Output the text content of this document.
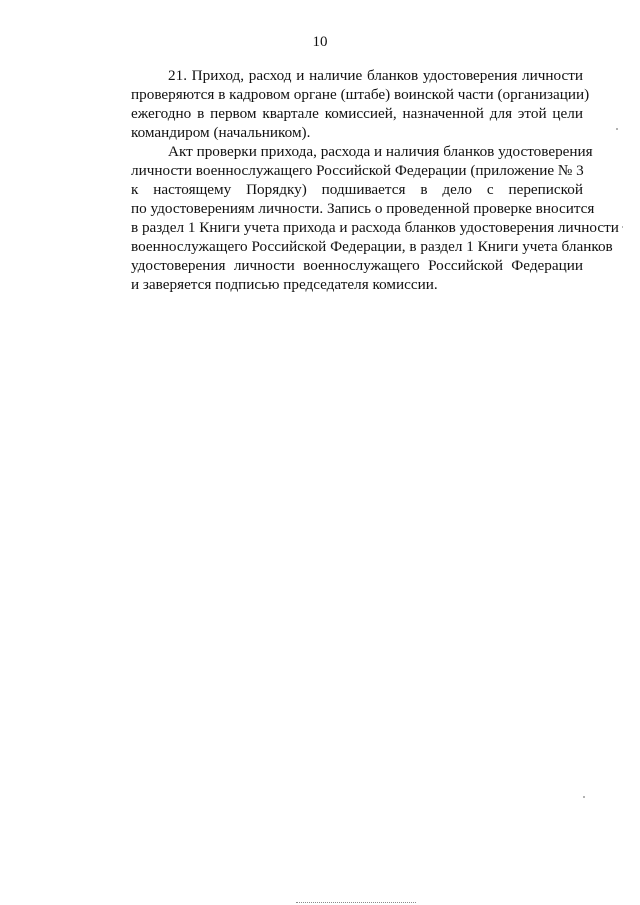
10

21. Приход, расход и наличие бланков удостоверения личности
проверяются в кадровом органе (штабе) воинской части (организации)
ежегодно в первом квартале комиссией, назначенной для этой цели
командиром (начальником).

Акт проверки прихода, расхода и наличия бланков удостоверения
личности военнослужащего Российской Федерации (приложение № 3
к настоящему Порядку) подшивается в дело с перепиской
по удостоверениям личности. Запись о проведенной проверке вносится
в раздел 1 Книги учета прихода и расхода бланков удостоверения личности
военнослужащего Российской Федерации, в раздел 1 Книги учета бланков
удостоверения личности военнослужащего Российской Федерации
и заверяется подписью председателя комиссии.
